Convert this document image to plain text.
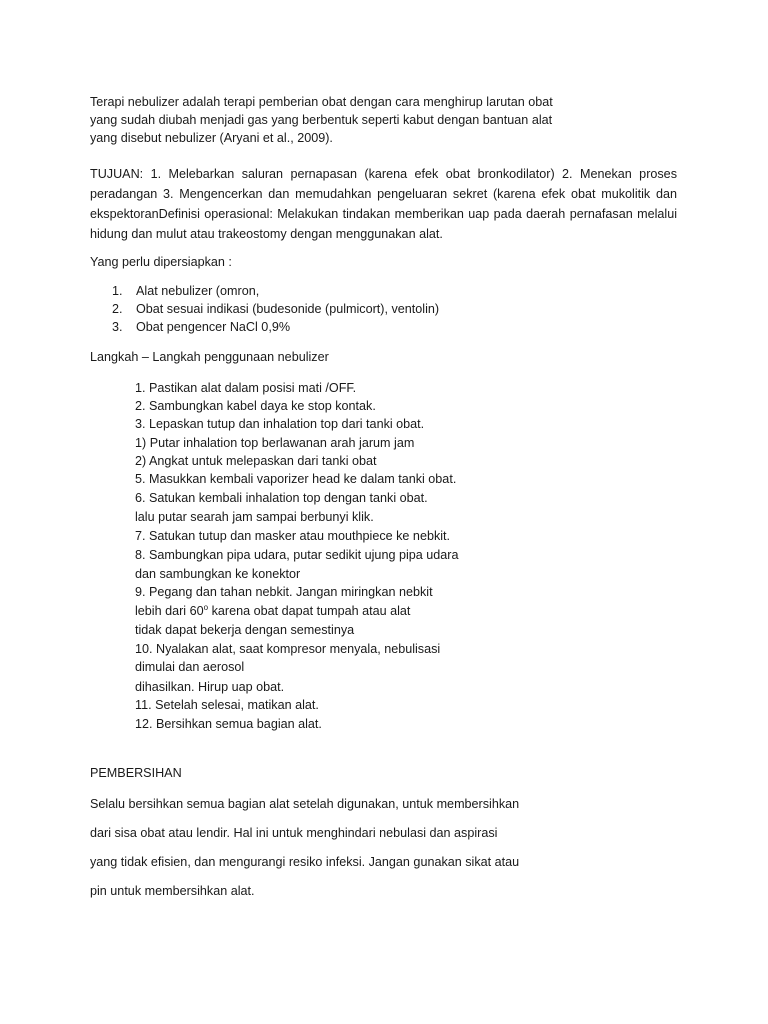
Terapi nebulizer adalah terapi pemberian obat dengan cara menghirup larutan obat
yang sudah diubah menjadi gas yang berbentuk seperti kabut dengan bantuan alat
yang disebut nebulizer (Aryani et al., 2009).
TUJUAN: 1. Melebarkan saluran pernapasan (karena efek obat bronkodilator) 2. Menekan proses peradangan 3. Mengencerkan dan memudahkan pengeluaran sekret (karena efek obat mukolitik dan ekspektoranDefinisi operasional: Melakukan tindakan memberikan uap pada daerah pernafasan melalui hidung dan mulut atau trakeostomy dengan menggunakan alat.
Yang perlu dipersiapkan :
1. Alat nebulizer (omron,
2. Obat sesuai indikasi (budesonide (pulmicort), ventolin)
3. Obat pengencer NaCl 0,9%
Langkah – Langkah penggunaan nebulizer
1. Pastikan alat dalam posisi mati /OFF.
2. Sambungkan kabel daya ke stop kontak.
3. Lepaskan tutup dan inhalation top dari tanki obat.
1) Putar inhalation top berlawanan arah jarum jam
2) Angkat untuk melepaskan dari tanki obat
5. Masukkan kembali vaporizer head ke dalam tanki obat.
6. Satukan kembali inhalation top dengan tanki obat.
lalu putar searah jam sampai berbunyi klik.
7. Satukan tutup dan masker atau mouthpiece ke nebkit.
8. Sambungkan pipa udara, putar sedikit ujung pipa udara
dan sambungkan ke konektor
9. Pegang dan tahan nebkit. Jangan miringkan nebkit
lebih dari 60$^o$ karena obat dapat tumpah atau alat
tidak dapat bekerja dengan semestinya
10. Nyalakan alat, saat kompresor menyala, nebulisasi
dimulai dan aerosol
dihasilkan. Hirup uap obat.
11. Setelah selesai, matikan alat.
12. Bersihkan semua bagian alat.
PEMBERSIHAN
Selalu bersihkan semua bagian alat setelah digunakan, untuk membersihkan
dari sisa obat atau lendir. Hal ini untuk menghindari nebulasi dan aspirasi
yang tidak efisien, dan mengurangi resiko infeksi. Jangan gunakan sikat atau
pin untuk membersihkan alat.
